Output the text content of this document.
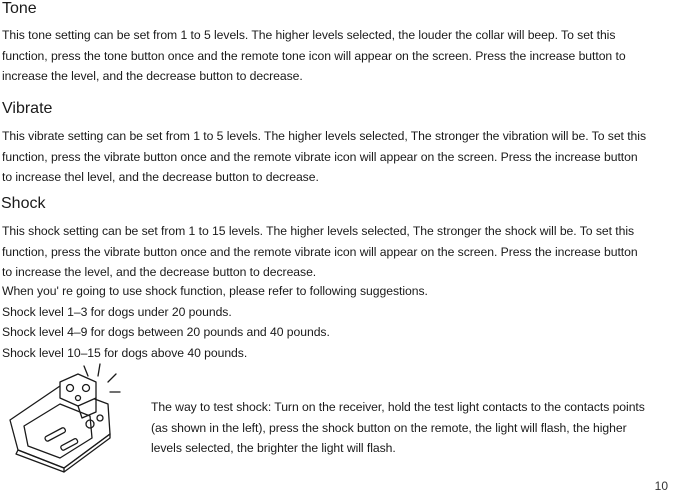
Tone
This tone setting can be set from 1 to 5 levels. The higher levels selected, the louder the collar will beep. To set this
function, press the tone button once and the remote tone icon will appear on the screen. Press the increase button to
increase the level, and the decrease button to decrease.
Vibrate
This vibrate setting can be set from 1 to 5 levels. The higher levels selected, The stronger the vibration will be. To set this
function, press the vibrate button once and the remote vibrate icon will appear on the screen. Press the increase button
to increase thel level, and the decrease button to decrease.
Shock
This shock setting can be set from 1 to 15 levels. The higher levels selected, The stronger the shock will be. To set this
function, press the vibrate button once and the remote vibrate icon will appear on the screen. Press the increase button
to increase the level, and the decrease button to decrease.
When you' re going to use shock function, please refer to following suggestions.
Shock level 1–3 for dogs under 20 pounds.
Shock level 4–9 for dogs between 20 pounds and 40 pounds.
Shock level 10–15 for dogs above 40 pounds.
The way to test shock: Turn on the receiver, hold the test light contacts to the contacts points
(as shown in the left), press the shock button on the remote, the light will flash, the higher
levels selected, the brighter the light will flash.
10
